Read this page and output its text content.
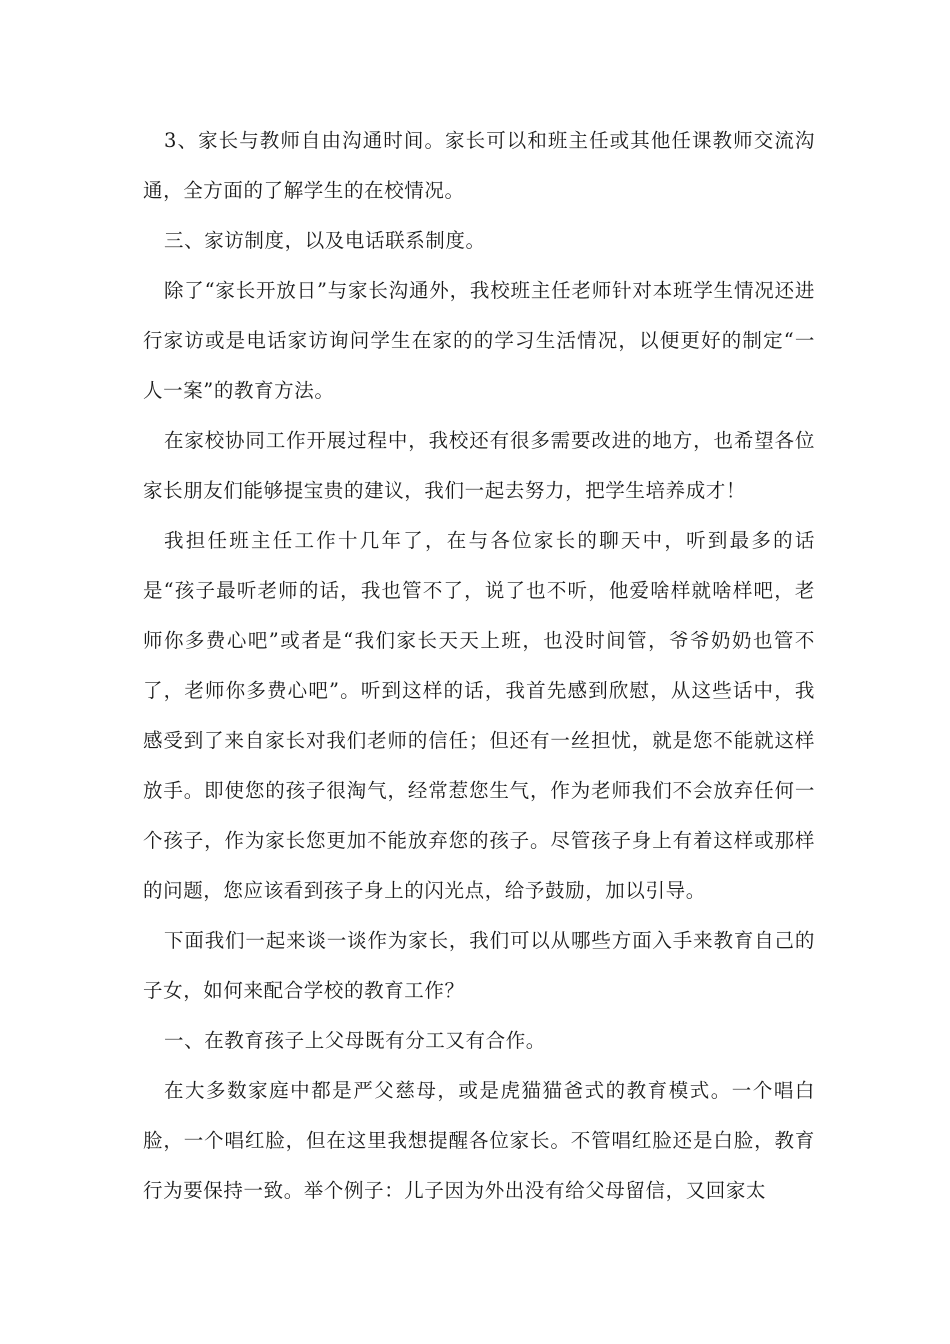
3、家长与教师自由沟通时间。家长可以和班主任或其他任课教师交流沟通，全方面的了解学生的在校情况。

三、家访制度，以及电话联系制度。

除了“家长开放日”与家长沟通外，我校班主任老师针对本班学生情况还进行家访或是电话家访询问学生在家的的学习生活情况，以便更好的制定“一人一案”的教育方法。

在家校协同工作开展过程中，我校还有很多需要改进的地方，也希望各位家长朋友们能够提宝贵的建议，我们一起去努力，把学生培养成才！

我担任班主任工作十几年了，在与各位家长的聊天中，听到最多的话是“孩子最听老师的话，我也管不了，说了也不听，他爱啥样就啥样吧，老师你多费心吧”或者是“我们家长天天上班，也没时间管，爷爷奶奶也管不了，老师你多费心吧”。听到这样的话，我首先感到欣慰，从这些话中，我感受到了来自家长对我们老师的信任；但还有一丝担忧，就是您不能就这样放手。即使您的孩子很淘气，经常惹您生气，作为老师我们不会放弃任何一个孩子，作为家长您更加不能放弃您的孩子。尽管孩子身上有着这样或那样的问题，您应该看到孩子身上的闪光点，给予鼓励，加以引导。

下面我们一起来谈一谈作为家长，我们可以从哪些方面入手来教育自己的子女，如何来配合学校的教育工作？

一、在教育孩子上父母既有分工又有合作。

在大多数家庭中都是严父慈母，或是虎猫猫爸式的教育模式。一个唱白脸，一个唱红脸，但在这里我想提醒各位家长。不管唱红脸还是白脸，教育行为要保持一致。举个例子：儿子因为外出没有给父母留信，又回家太
